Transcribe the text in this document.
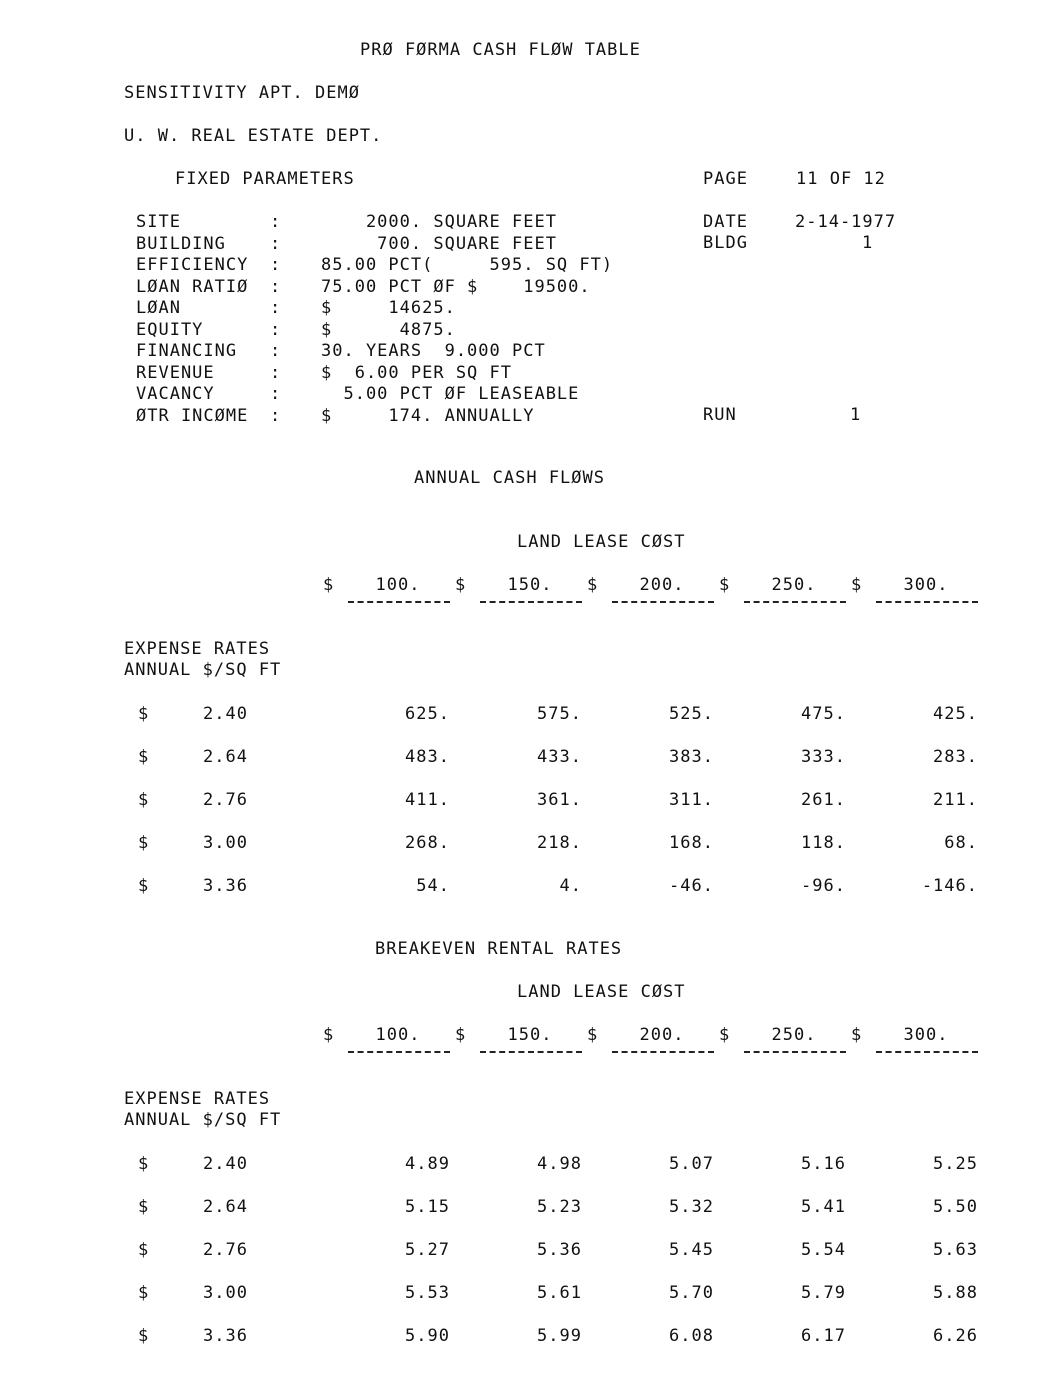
PRØ FØRMA CASH FLØW TABLE
SENSITIVITY APT. DEMØ
U. W. REAL ESTATE DEPT.
FIXED PARAMETERS	PAGE	11 OF 12
SITE	: 2000. SQUARE FEET
BUILDING	: 700. SQUARE FEET
EFFICIENCY : 85.00 PCT(     595. SQ FT)
LØAN RATIØ : 75.00 PCT ØF $    19500.
LØAN	: $     14625.
EQUITY	: $      4875.
FINANCING : 30. YEARS  9.000 PCT
REVENUE	: $  6.00 PER SQ FT
VACANCY	: 5.00 PCT ØF LEASEABLE
ØTR INCØME : $     174. ANNUALLY
DATE	2-14-1977
BLDG	1
RUN	1
ANNUAL CASH FLØWS
LAND LEASE CØST
$ 100. $ 150. $ 200. $ 250. $ 300.
EXPENSE RATES
ANNUAL $/SQ FT
$	2.40	625.	575.	525.	475.	425.
$	2.64	483.	433.	383.	333.	283.
$	2.76	411.	361.	311.	261.	211.
$	3.00	268.	218.	168.	118.	68.
$	3.36	54.	4.	-46.	-96.	-146.
BREAKEVEN RENTAL RATES
LAND LEASE CØST
$ 100. $ 150. $ 200. $ 250. $ 300.
EXPENSE RATES
ANNUAL $/SQ FT
$	2.40	4.89	4.98	5.07	5.16	5.25
$	2.64	5.15	5.23	5.32	5.41	5.50
$	2.76	5.27	5.36	5.45	5.54	5.63
$	3.00	5.53	5.61	5.70	5.79	5.88
$	3.36	5.90	5.99	6.08	6.17	6.26
